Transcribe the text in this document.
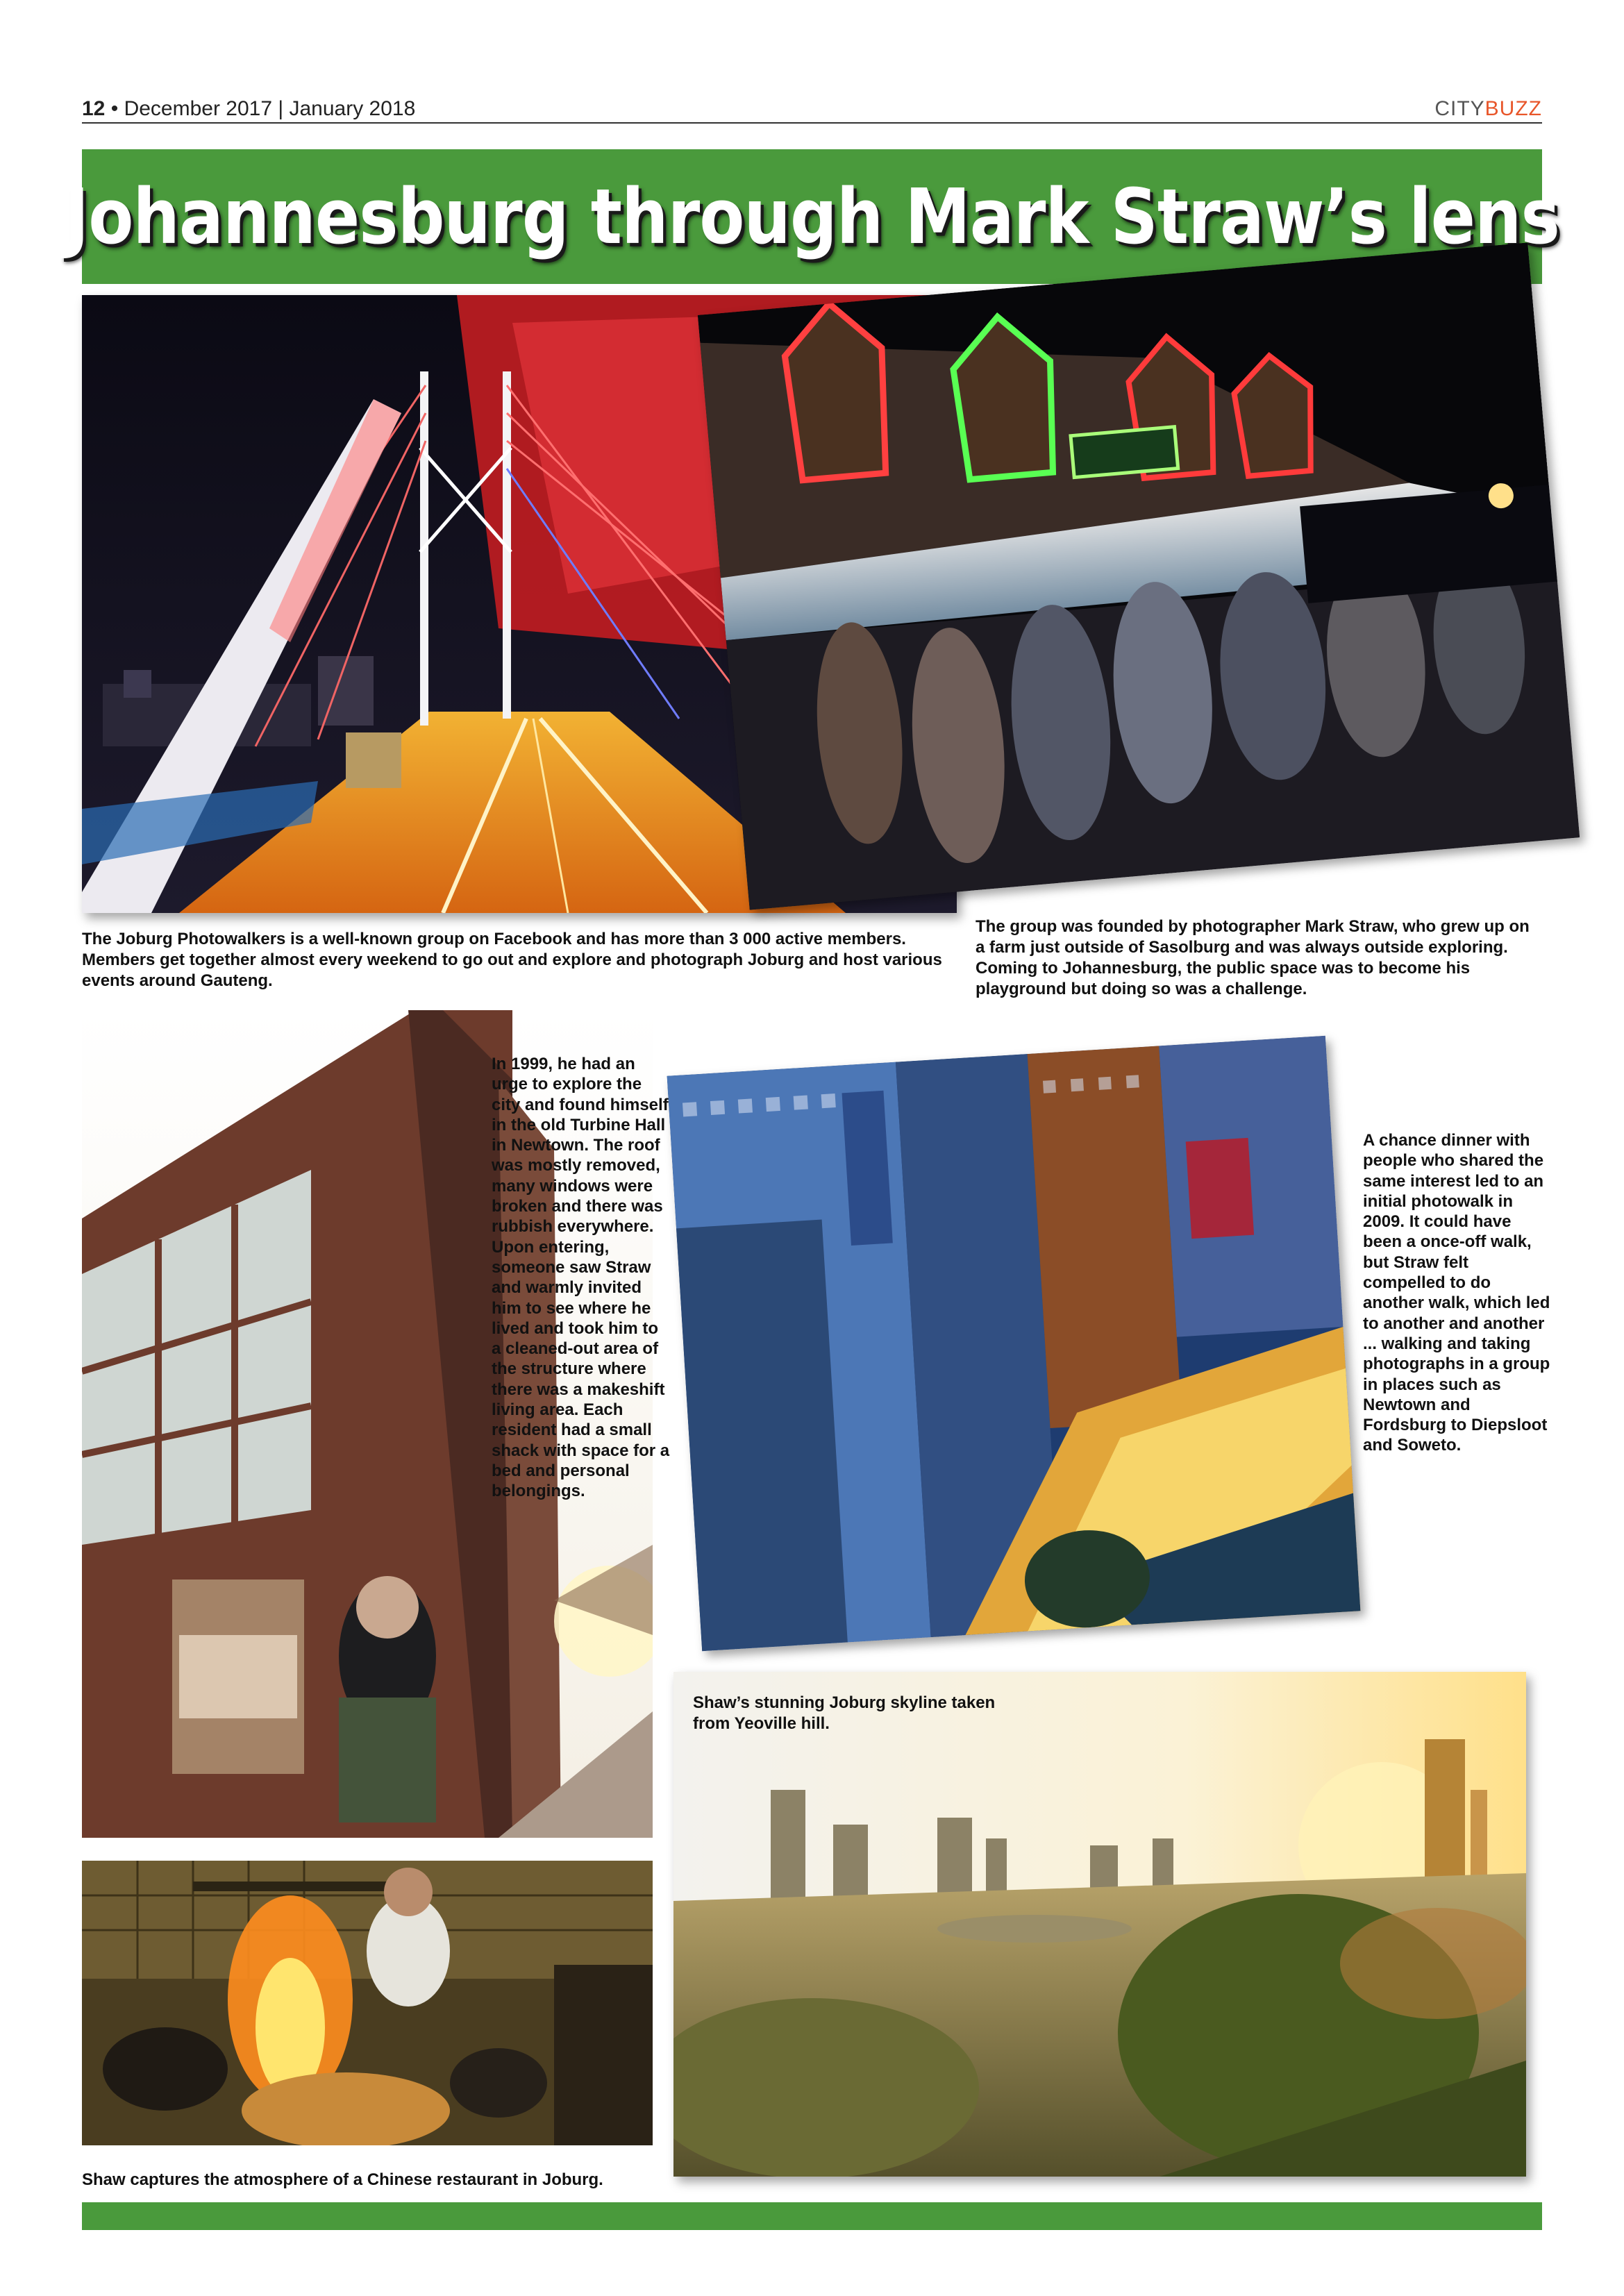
12 • December 2017 | January 2018	CITYBUZZ
Johannesburg through Mark Straw’s lens
The Joburg Photowalkers is a well-known group on Facebook and has more than 3 000 active members. Members get together almost every weekend to go out and explore and photograph Joburg and host various events around Gauteng.
The group was founded by photographer Mark Straw, who grew up on a farm just outside of Sasolburg and was always outside exploring. Coming to Johannesburg, the public space was to become his playground but doing so was a challenge.
In 1999, he had an urge to explore the city and found himself in the old Turbine Hall in Newtown. The roof was mostly removed, many windows were broken and there was rubbish everywhere. Upon entering, someone saw Straw and warmly invited him to see where he lived and took him to a cleaned-out area of the structure where there was a makeshift living area. Each resident had a small shack with space for a bed and personal belongings.
A chance dinner with people who shared the same interest led to an initial photowalk in 2009. It could have been a once-off walk, but Straw felt compelled to do another walk, which led to another and another ... walking and taking photographs in a group in places such as Newtown and Fordsburg to Diepsloot and Soweto.
Shaw’s stunning Joburg skyline taken from Yeoville hill.
Shaw captures the atmosphere of a Chinese restaurant in Joburg.
